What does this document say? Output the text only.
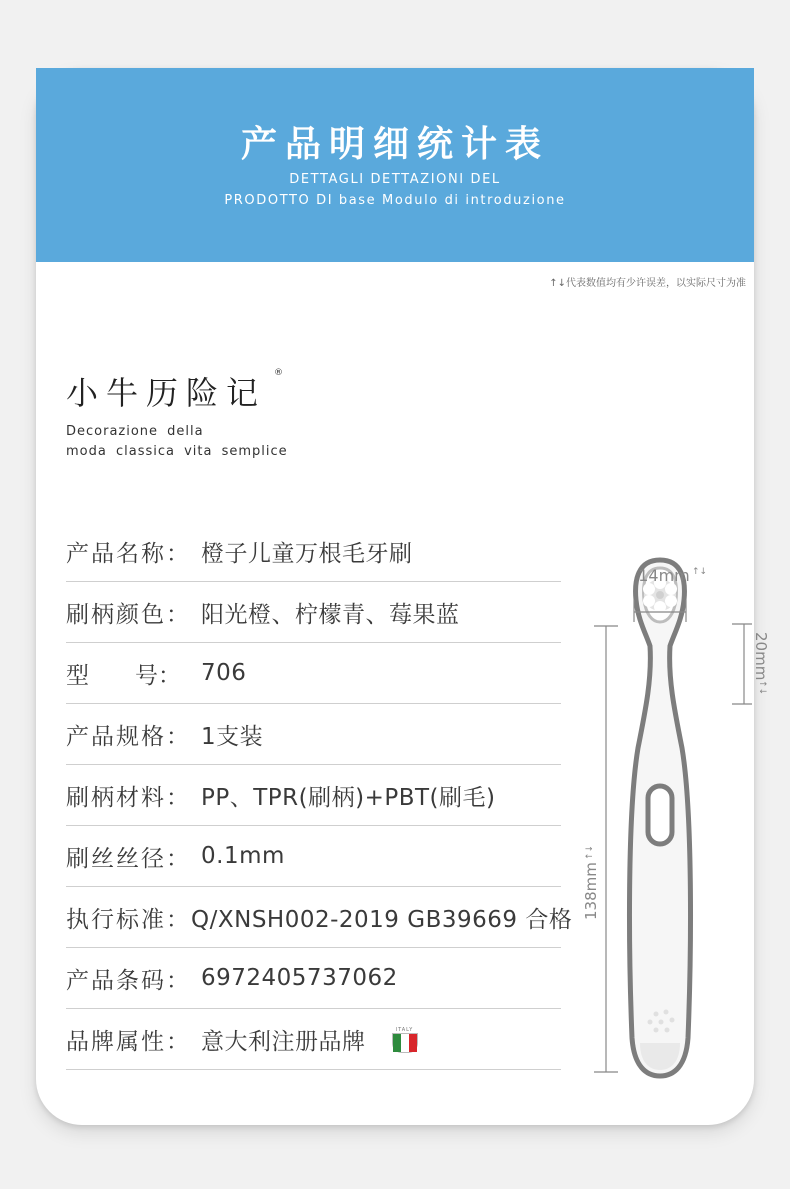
产品明细统计表
DETTAGLI DETTAZIONI DEL
PRODOTTO DI base Modulo di introduzione
↑↓代表数值均有少许误差，以实际尺寸为准
小牛历险记
®
Decorazione della
moda classica vita semplice
产品名称： 橙子儿童万根毛牙刷
刷柄颜色： 阳光橙、柠檬青、莓果蓝
型　　号： 706
产品规格： 1支装
刷柄材料： PP、TPR(刷柄)+PBT(刷毛)
刷丝丝径： 0.1mm
执行标准： Q/XNSH002-2019 GB39669 合格
产品条码： 6972405737062
品牌属性： 意大利注册品牌	ITALY
14mm ↑↓
20mm
↑↓
138mm
↑↓
